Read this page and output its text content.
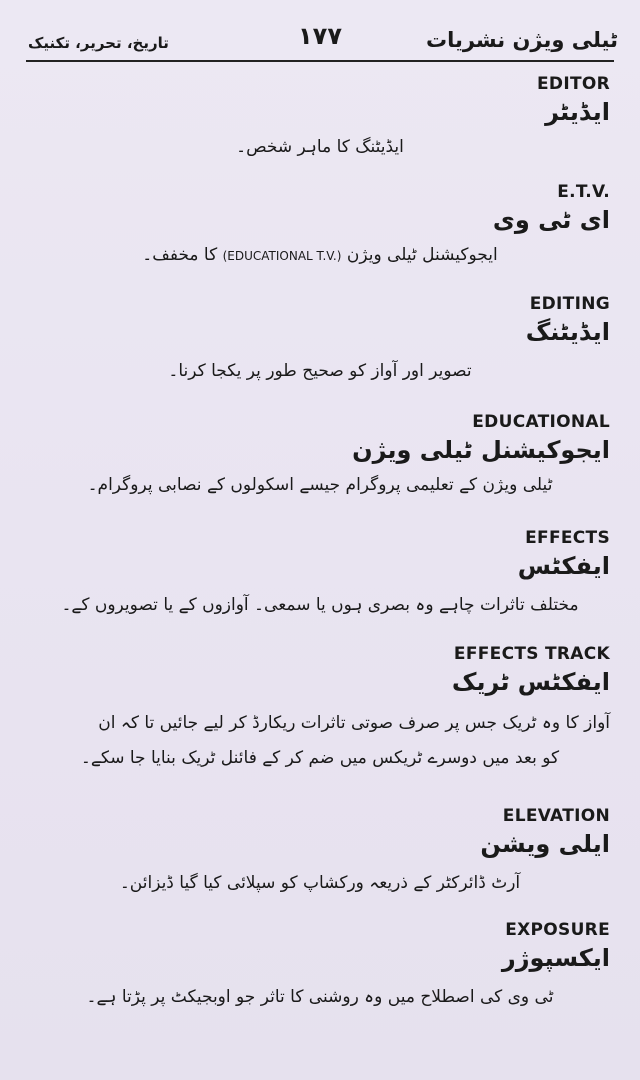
ٹیلی ویژن نشریات
۱۷۷
تاریخ، تحریر، تکنیک
EDITOR
ایڈیٹر
ایڈیٹنگ کا ماہر شخص۔
E.T.V.
ای ٹی وی
ایجوکیشنل ٹیلی ویژن (EDUCATIONAL T.V.) کا مخفف۔
EDITING
ایڈیٹنگ
تصویر اور آواز کو صحیح طور پر یکجا کرنا۔
EDUCATIONAL
ایجوکیشنل ٹیلی ویژن
ٹیلی ویژن کے تعلیمی پروگرام جیسے اسکولوں کے نصابی پروگرام۔
EFFECTS
ایفکٹس
مختلف تاثرات چاہے وہ بصری ہوں یا سمعی۔ آوازوں کے یا تصویروں کے۔
EFFECTS TRACK
ایفکٹس ٹریک
آواز کا وہ ٹریک جس پر صرف صوتی تاثرات ریکارڈ کر لیے جائیں تا کہ ان
کو بعد میں دوسرے ٹریکس میں ضم کر کے فائنل ٹریک بنایا جا سکے۔
ELEVATION
ایلی ویشن
آرٹ ڈائرکٹر کے ذریعہ ورکشاپ کو سپلائی کیا گیا ڈیزائن۔
EXPOSURE
ایکسپوژر
ٹی وی کی اصطلاح میں وہ روشنی کا تاثر جو اوبجیکٹ پر پڑتا ہے۔
